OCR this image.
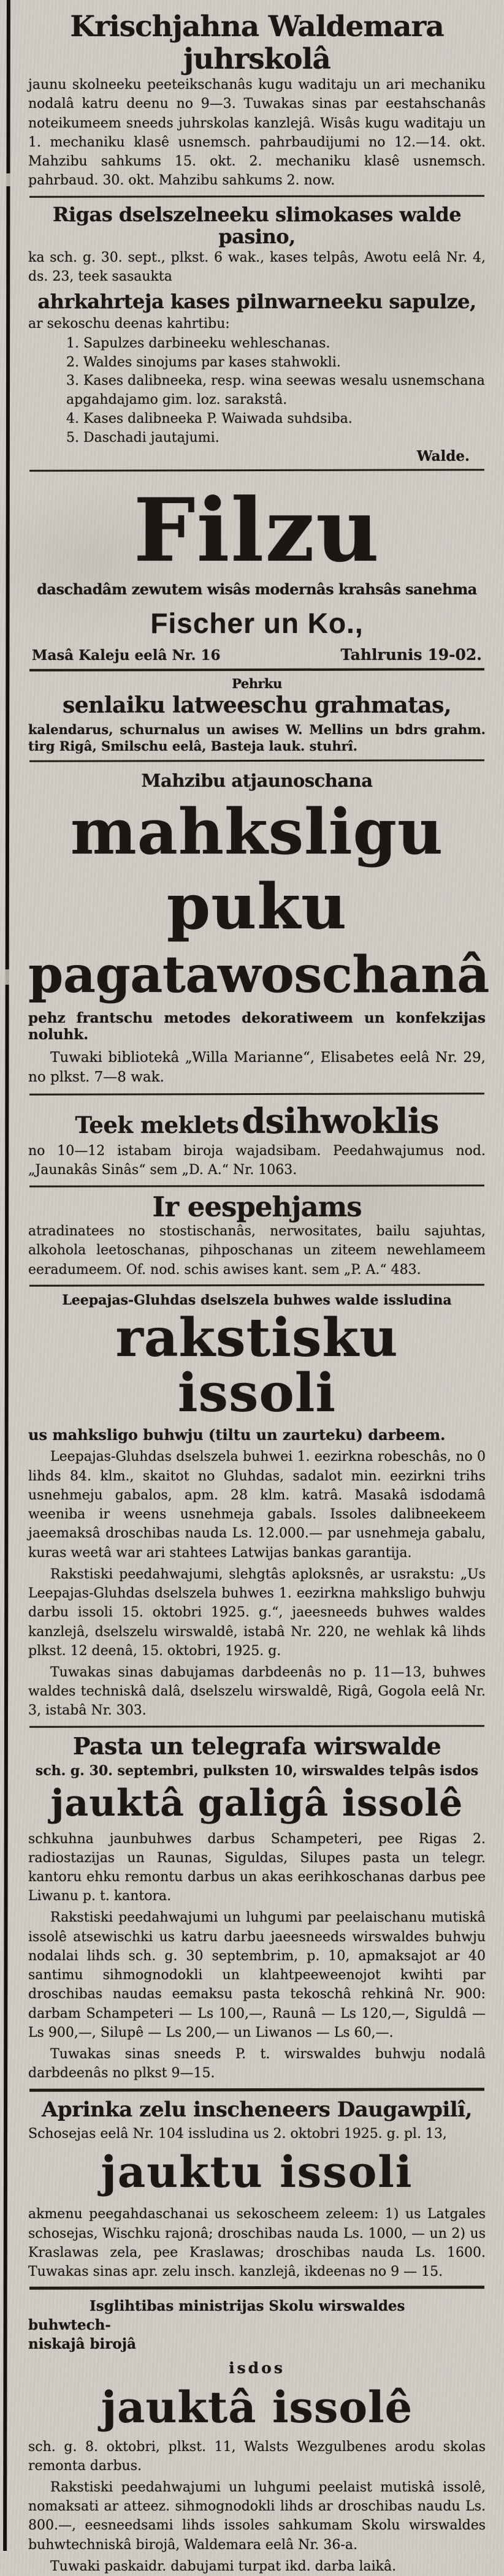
Krischjahna Waldemara juhrskolâ

jaunu skolneeku peeteikschanâs kugu waditaju un ari mechaniku nodalâ katru deenu no 9—3. Tuwakas sinas par eestahschanâs noteikumeem sneeds juhrskolas kanzlejâ. Wisâs kugu waditaju un 1. mechaniku klasê usnemsch. pahrbaudijumi no 12.—14. okt. Mahzibu sahkums 15. okt. 2. mechaniku klasê usnemsch. pahrbaud. 30. okt. Mahzibu sahkums 2. now.

Rigas dselszelneeku slimokases walde pasino,

ka sch. g. 30. sept., plkst. 6 wak., kases telpâs, Awotu eelâ Nr. 4, ds. 23, teek sasaukta

ahrkahrteja kases pilnwarneeku sapulze,

ar sekoschu deenas kahrtibu:

1. Sapulzes darbineeku wehleschanas.
2. Waldes sinojums par kases stahwokli.
3. Kases dalibneeka, resp. wina seewas wesalu usnemschana apgahdajamo gim. loz. sarakstâ.
4. Kases dalibneeka P. Waiwada suhdsiba.
5. Daschadi jautajumi.
Walde.
Filzu
daschadâm zewutem wisâs modernâs krahsâs sanehma
Fischer un Ko.,
Masâ Kaleju eelâ Nr. 16	Tahlrunis 19-02.
Pehrku
senlaiku latweeschu grahmatas,

kalendarus, schurnalus un awises W. Mellins un bdrs grahm. tirg Rigâ, Smilschu eelâ, Basteja lauk. stuhrî.

Mahzibu atjaunoschana
mahksligu puku
pagatawoschanâ

pehz frantschu metodes dekoratiweem un konfekzijas noluhk.

Tuwaki bibliotekâ „Willa Marianne“, Elisabetes eelâ Nr. 29, no plkst. 7—8 wak.

Teek meklets dsihwoklis

no 10—12 istabam biroja wajadsibam. Peedahwajumus nod. „Jaunakâs Sinâs“ sem „D. A.“ Nr. 1063.

Ir eespehjams

atradinatees no stostischanâs, nerwositates, bailu sajuhtas, alkohola leetoschanas, pihposchanas un ziteem newehlameem eeradumeem. Of. nod. schis awises kant. sem „P. A.“ 483.

Leepajas-Gluhdas dselszela buhwes walde issludina
rakstisku issoli
us mahksligo buhwju (tiltu un zaurteku) darbeem.

Leepajas-Gluhdas dselszela buhwei 1. eezirkna robeschâs, no 0 lihds 84. klm., skaitot no Gluhdas, sadalot min. eezirkni trihs usnehmeju gabalos, apm. 28 klm. katrâ. Masakâ isdodamâ weeniba ir weens usnehmeja gabals. Issoles dalibneekeem jaeemaksâ droschibas nauda Ls. 12.000.— par usnehmeja gabalu, kuras weetâ war ari stahtees Latwijas bankas garantija.

Rakstiski peedahwajumi, slehgtâs aploksnês, ar usrakstu: „Us Leepajas-Gluhdas dselszela buhwes 1. eezirkna mahksligo buhwju darbu issoli 15. oktobri 1925. g.“, jaeesneeds buhwes waldes kanzlejâ, dselszelu wirswaldê, istabâ Nr. 220, ne wehlak kâ lihds plkst. 12 deenâ, 15. oktobri, 1925. g.

Tuwakas sinas dabujamas darbdeenâs no p. 11—13, buhwes waldes techniskâ dalâ, dselszelu wirswaldê, Rigâ, Gogola eelâ Nr. 3, istabâ Nr. 303.

Pasta un telegrafa wirswalde
sch. g. 30. septembri, pulksten 10, wirswaldes telpâs isdos
jauktâ galigâ issolê

schkuhna jaunbuhwes darbus Schampeteri, pee Rigas 2. radiostazijas un Raunas, Siguldas, Silupes pasta un telegr. kantoru ehku remontu darbus un akas eerihkoschanas darbus pee Liwanu p. t. kantora.

Rakstiski peedahwajumi un luhgumi par peelaischanu mutiskâ issolê atsewischki us katru darbu jaeesneeds wirswaldes buhwju nodalai lihds sch. g. 30 septembrim, p. 10, apmaksajot ar 40 santimu sihmognodokli un klahtpeeweenojot kwihti par droschibas naudas eemaksu pasta tekoschâ rehkinâ Nr. 900: darbam Schampeteri — Ls 100,—, Raunâ — Ls 120,—, Siguldâ — Ls 900,—, Silupê — Ls 200,— un Liwanos — Ls 60,—.

Tuwakas sinas sneeds P. t. wirswaldes buhwju nodalâ darbdeenâs no plkst 9—15.

Aprinka zelu inscheneers Daugawpilî,
Schosejas eelâ Nr. 104 issludina us 2. oktobri 1925. g. pl. 13,
jauktu issoli

akmenu peegahdaschanai us sekoscheem zeleem: 1) us Latgales schosejas, Wischku rajonâ; droschibas nauda Ls. 1000, — un 2) us Kraslawas zela, pee Kraslawas; droschibas nauda Ls. 1600. Tuwakas sinas apr. zelu insch. kanzlejâ, ikdeenas no 9 — 15.

Isglihtibas ministrijas Skolu wirswaldes buhwtech-
niskajâ birojâ
isdos
jauktâ issolê

sch. g. 8. oktobri, plkst. 11, Walsts Wezgulbenes arodu skolas remonta darbus.

Rakstiski peedahwajumi un luhgumi peelaist mutiskâ issolê, nomaksati ar atteez. sihmognodokli lihds ar droschibas naudu Ls. 800.—, eesneedsami lihds issoles sahkumam Skolu wirswaldes buhwtechniskâ birojâ, Waldemara eelâ Nr. 36-a.

Tuwaki paskaidr. dabujami turpat ikd. darba laikâ.
